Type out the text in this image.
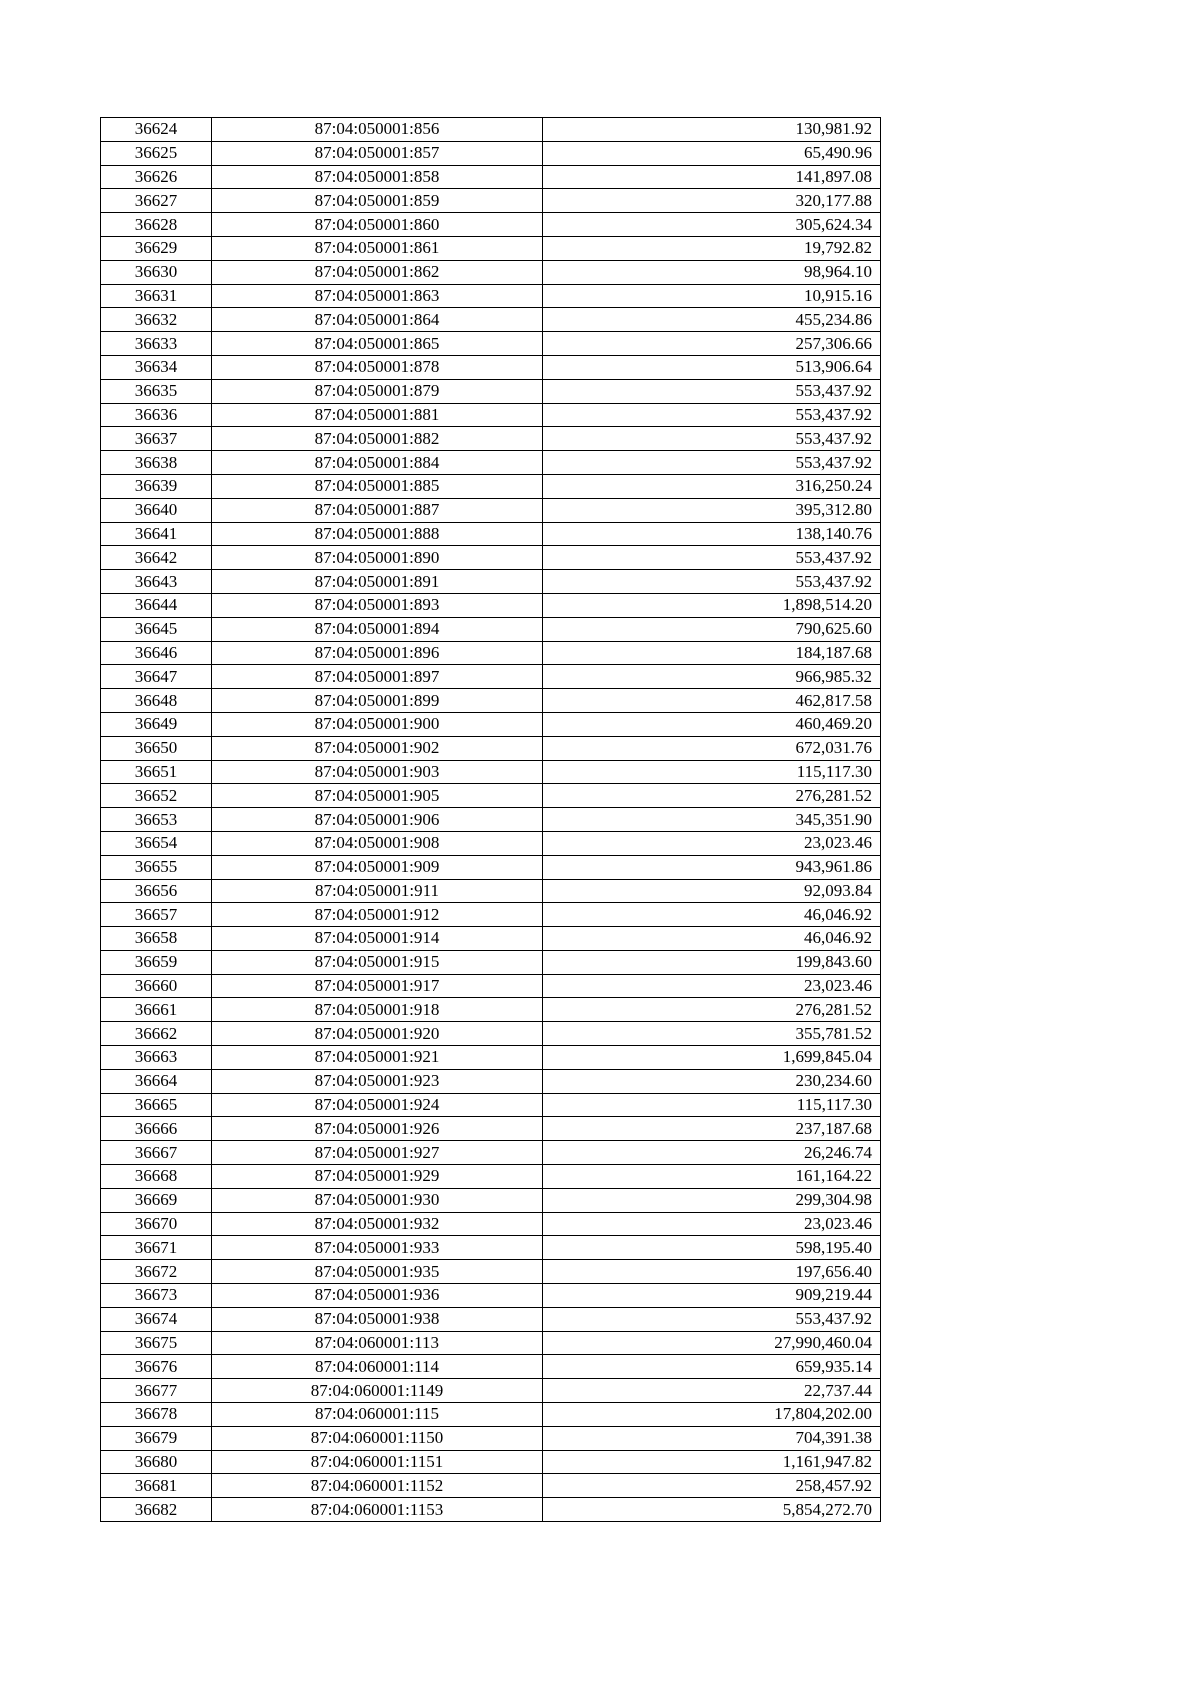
36624	87:04:050001:856	130,981.92
36625	87:04:050001:857	65,490.96
36626	87:04:050001:858	141,897.08
36627	87:04:050001:859	320,177.88
36628	87:04:050001:860	305,624.34
36629	87:04:050001:861	19,792.82
36630	87:04:050001:862	98,964.10
36631	87:04:050001:863	10,915.16
36632	87:04:050001:864	455,234.86
36633	87:04:050001:865	257,306.66
36634	87:04:050001:878	513,906.64
36635	87:04:050001:879	553,437.92
36636	87:04:050001:881	553,437.92
36637	87:04:050001:882	553,437.92
36638	87:04:050001:884	553,437.92
36639	87:04:050001:885	316,250.24
36640	87:04:050001:887	395,312.80
36641	87:04:050001:888	138,140.76
36642	87:04:050001:890	553,437.92
36643	87:04:050001:891	553,437.92
36644	87:04:050001:893	1,898,514.20
36645	87:04:050001:894	790,625.60
36646	87:04:050001:896	184,187.68
36647	87:04:050001:897	966,985.32
36648	87:04:050001:899	462,817.58
36649	87:04:050001:900	460,469.20
36650	87:04:050001:902	672,031.76
36651	87:04:050001:903	115,117.30
36652	87:04:050001:905	276,281.52
36653	87:04:050001:906	345,351.90
36654	87:04:050001:908	23,023.46
36655	87:04:050001:909	943,961.86
36656	87:04:050001:911	92,093.84
36657	87:04:050001:912	46,046.92
36658	87:04:050001:914	46,046.92
36659	87:04:050001:915	199,843.60
36660	87:04:050001:917	23,023.46
36661	87:04:050001:918	276,281.52
36662	87:04:050001:920	355,781.52
36663	87:04:050001:921	1,699,845.04
36664	87:04:050001:923	230,234.60
36665	87:04:050001:924	115,117.30
36666	87:04:050001:926	237,187.68
36667	87:04:050001:927	26,246.74
36668	87:04:050001:929	161,164.22
36669	87:04:050001:930	299,304.98
36670	87:04:050001:932	23,023.46
36671	87:04:050001:933	598,195.40
36672	87:04:050001:935	197,656.40
36673	87:04:050001:936	909,219.44
36674	87:04:050001:938	553,437.92
36675	87:04:060001:113	27,990,460.04
36676	87:04:060001:114	659,935.14
36677	87:04:060001:1149	22,737.44
36678	87:04:060001:115	17,804,202.00
36679	87:04:060001:1150	704,391.38
36680	87:04:060001:1151	1,161,947.82
36681	87:04:060001:1152	258,457.92
36682	87:04:060001:1153	5,854,272.70
